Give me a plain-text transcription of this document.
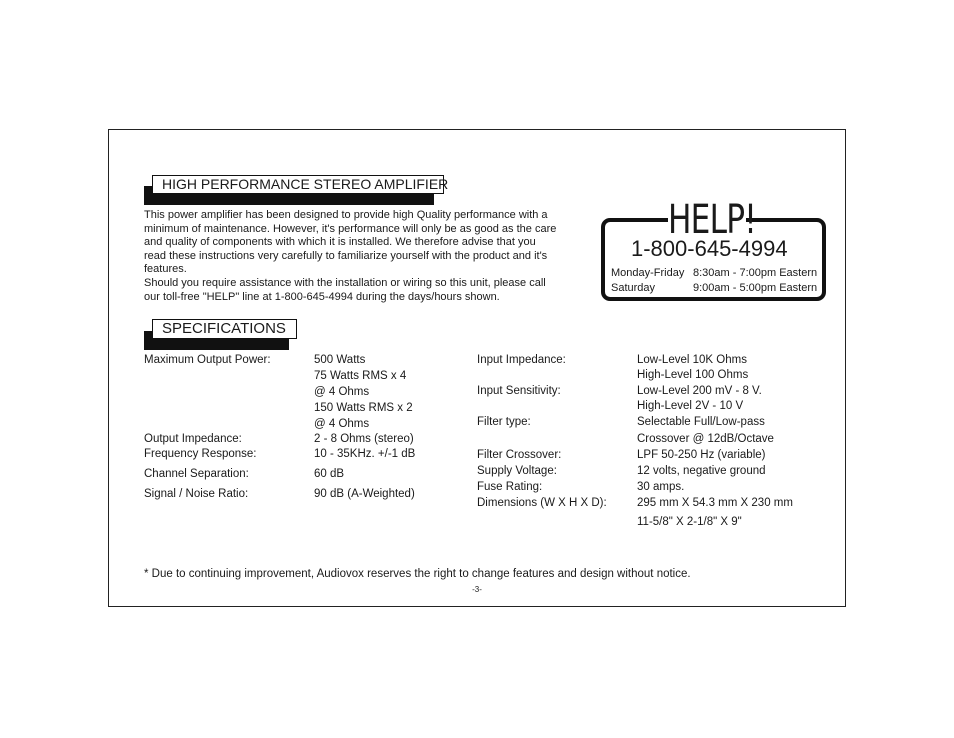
HIGH PERFORMANCE STEREO AMPLIFIER

This power amplifier has been designed to provide high Quality performance with a

minimum of maintenance. However, it's performance will only be as good as the care

and quality of components with which it is installed. We therefore advise that you

read these instructions very carefully to familiarize yourself with the product and it's

features.

Should you require assistance with the installation or wiring so this unit, please call

our toll-free "HELP" line at 1-800-645-4994 during the days/hours shown.

HELP!
1-800-645-4994
Monday-Friday 8:30am - 7:00pm Eastern
Saturday	9:00am - 5:00pm Eastern
SPECIFICATIONS
Maximum Output Power:	500 Watts
75 Watts RMS x 4
@ 4 Ohms
150 Watts RMS x 2
@ 4 Ohms
Output Impedance:	2 - 8 Ohms (stereo)
Frequency Response:	10 - 35KHz. +/-1 dB
Channel Separation:	60 dB
Signal / Noise Ratio:	90 dB (A-Weighted)
Input Impedance:	Low-Level 10K Ohms
High-Level 100 Ohms
Input Sensitivity:	Low-Level 200 mV - 8 V.
High-Level 2V - 10 V
Filter type:	Selectable Full/Low-pass
Crossover @ 12dB/Octave
Filter Crossover:	LPF 50-250 Hz (variable)
Supply Voltage:	12 volts, negative ground
Fuse Rating:	30 amps.
Dimensions (W X H X D):	295 mm X 54.3 mm X 230 mm
11-5/8" X 2-1/8" X 9"
* Due to continuing improvement, Audiovox reserves the right to change features and design without notice.
-3-
